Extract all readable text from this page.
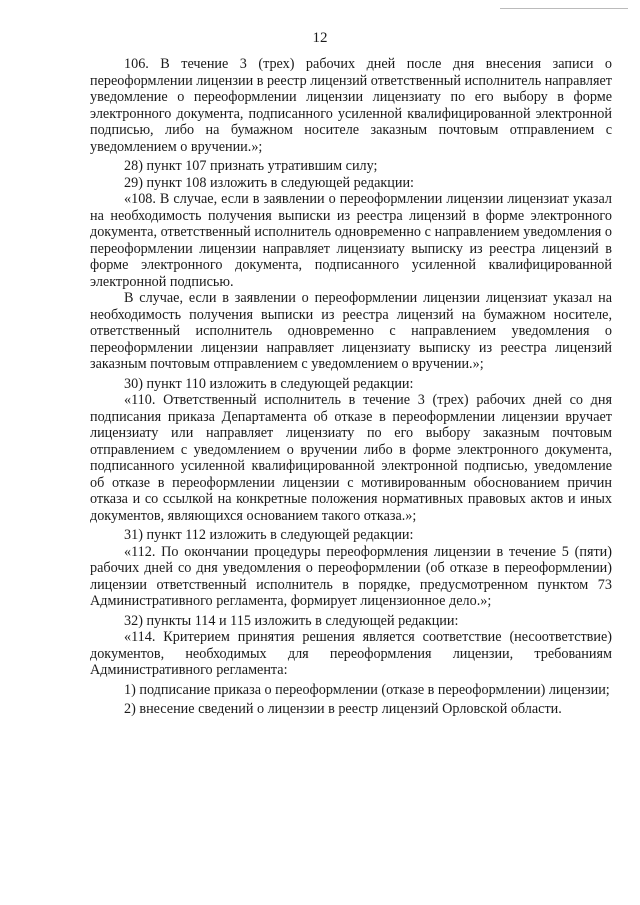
12

106. В течение 3 (трех) рабочих дней после дня внесения записи о переоформлении лицензии в реестр лицензий ответственный исполнитель направляет уведомление о переоформлении лицензии лицензиату по его выбору в форме электронного документа, подписанного усиленной квалифицированной электронной подписью, либо на бумажном носителе заказным почтовым отправлением с уведомлением о вручении.»;

28) пункт 107 признать утратившим силу;

29) пункт 108 изложить в следующей редакции:

«108. В случае, если в заявлении о переоформлении лицензии лицензиат указал на необходимость получения выписки из реестра лицензий в форме электронного документа, ответственный исполнитель одновременно с направлением уведомления о переоформлении лицензии направляет лицензиату выписку из реестра лицензий в форме электронного документа, подписанного усиленной квалифицированной электронной подписью.

В случае, если в заявлении о переоформлении лицензии лицензиат указал на необходимость получения выписки из реестра лицензий на бумажном носителе, ответственный исполнитель одновременно с направлением уведомления о переоформлении лицензии направляет лицензиату выписку из реестра лицензий заказным почтовым отправлением с уведомлением о вручении.»;

30) пункт 110 изложить в следующей редакции:

«110. Ответственный исполнитель в течение 3 (трех) рабочих дней со дня подписания приказа Департамента об отказе в переоформлении лицензии вручает лицензиату или направляет лицензиату по его выбору заказным почтовым отправлением с уведомлением о вручении либо в форме электронного документа, подписанного усиленной квалифицированной электронной подписью, уведомление об отказе в переоформлении лицензии с мотивированным обоснованием причин отказа и со ссылкой на конкретные положения нормативных правовых актов и иных документов, являющихся основанием такого отказа.»;

31) пункт 112 изложить в следующей редакции:

«112. По окончании процедуры переоформления лицензии в течение 5 (пяти) рабочих дней со дня уведомления о переоформлении (об отказе в переоформлении) лицензии ответственный исполнитель в порядке, предусмотренном пунктом 73 Административного регламента, формирует лицензионное дело.»;

32) пункты 114 и 115 изложить в следующей редакции:

«114. Критерием принятия решения является соответствие (несоответствие) документов, необходимых для переоформления лицензии, требованиям Административного регламента:

1) подписание приказа о переоформлении (отказе в переоформлении) лицензии;

2) внесение сведений о лицензии в реестр лицензий Орловской области.
